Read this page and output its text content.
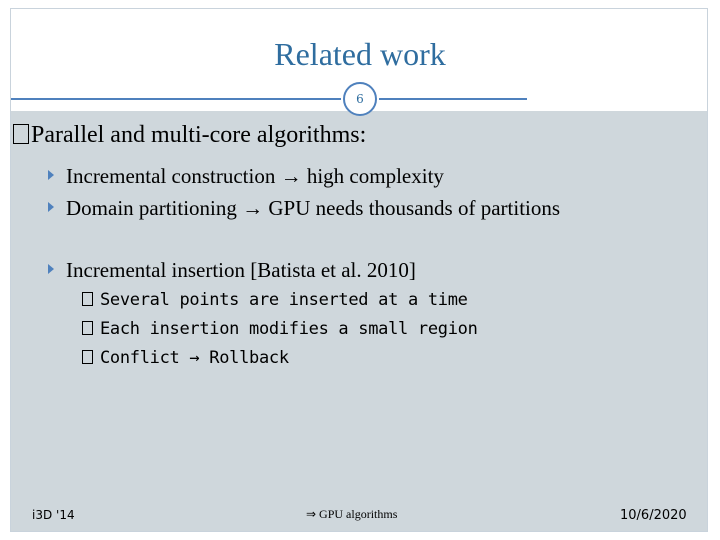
Related work
6
Parallel and multi-core algorithms:
Incremental construction → high complexity
Domain partitioning → GPU needs thousands of partitions
Incremental insertion [Batista et al. 2010]
Several points are inserted at a time
Each insertion modifies a small region
Conflict → Rollback
i3D '14	⇒ GPU algorithms	10/6/2020
